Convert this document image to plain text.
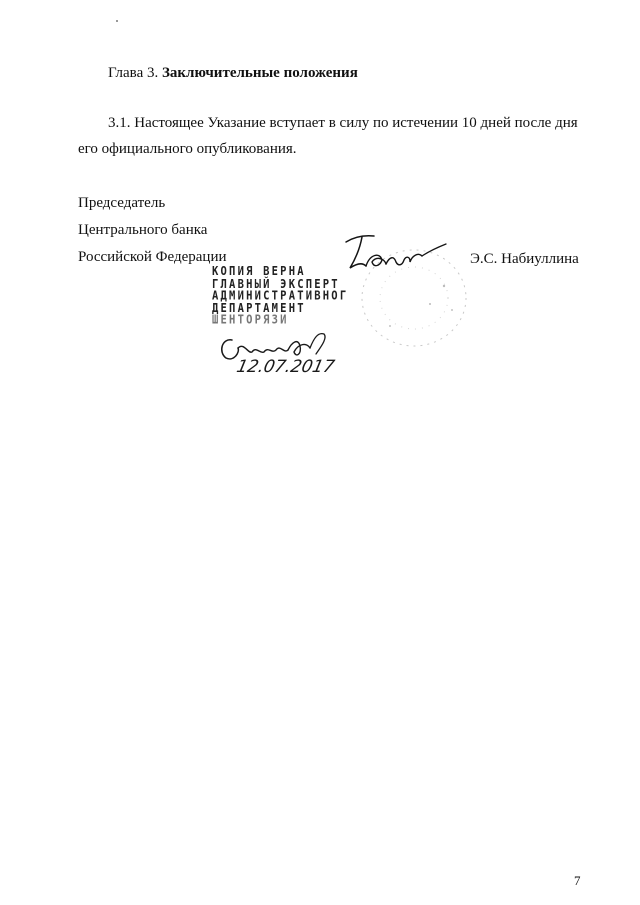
Глава 3. Заключительные положения
3.1. Настоящее Указание вступает в силу по истечении 10 дней после дня
его официального опубликования.
Председатель
Центрального банка
Российской Федерации	Э.С. Набиуллина
КОПИЯ ВЕРНА
ГЛАВНЫЙ ЭКСПЕРТ
АДМИНИСТРАТИВНОГ
ДЕПАРТАМЕНТ
ШЕНТОРЯЗИ
12.07.2017
7
